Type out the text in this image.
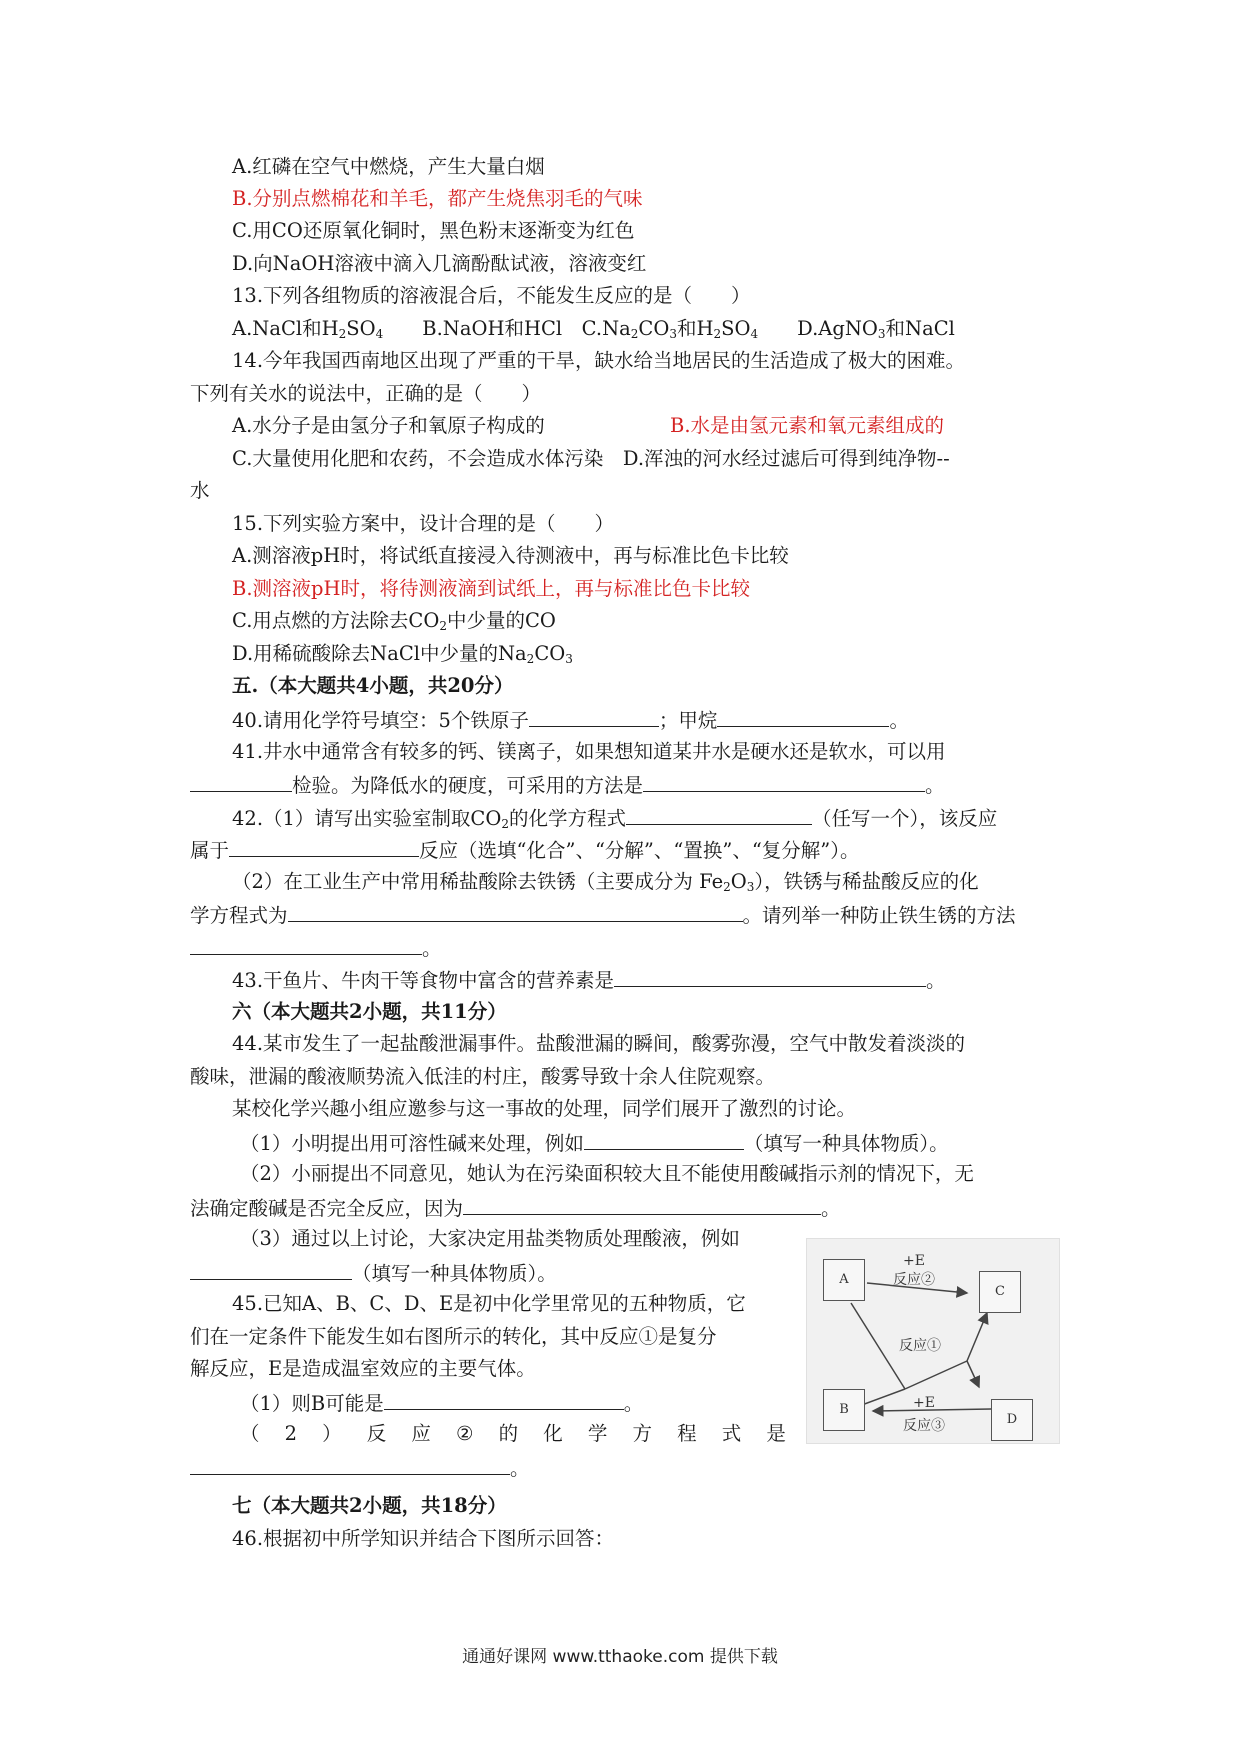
A.红磷在空气中燃烧，产生大量白烟
B.分别点燃棉花和羊毛，都产生烧焦羽毛的气味
C.用CO还原氧化铜时，黑色粉末逐渐变为红色
D.向NaOH溶液中滴入几滴酚酞试液，溶液变红
13.下列各组物质的溶液混合后，不能发生反应的是（　　）
A.NaCl和$H_2SO_4$　　B.NaOH和HCl　$C.Na_2CO_3$和$H_2SO_4$　　D.AgNO$_3$和NaCl
14.今年我国西南地区出现了严重的干旱，缺水给当地居民的生活造成了极大的困难。
下列有关水的说法中，正确的是（　　）
A.水分子是由氢分子和氧原子构成的	B.水是由氢元素和氧元素组成的
C.大量使用化肥和农药，不会造成水体污染　D.浑浊的河水经过滤后可得到纯净物--
水
15.下列实验方案中，设计合理的是（　　）
A.测溶液pH时，将试纸直接浸入待测液中，再与标准比色卡比较
B.测溶液pH时，将待测液滴到试纸上，再与标准比色卡比较
C.用点燃的方法除去$CO_2$中少量的CO
D.用稀硫酸除去NaCl中少量的$Na_2CO_3$
五.（本大题共4小题，共20分）
40.请用化学符号填空：5个铁原子	；甲烷	。
41.井水中通常含有较多的钙、镁离子，如果想知道某井水是硬水还是软水，可以用
检验。为降低水的硬度，可采用的方法是	。
42.（1）请写出实验室制取$CO_2$的化学方程式	（任写一个），该反应
属于	反应（选填“化合”、“分解”、“置换”、“复分解”）。
（2）在工业生产中常用稀盐酸除去铁锈（主要成分为 $Fe_2O_3$），铁锈与稀盐酸反应的化
学方程式为	。请列举一种防止铁生锈的方法
。
43.干鱼片、牛肉干等食物中富含的营养素是	。
六（本大题共2小题，共11分）
44.某市发生了一起盐酸泄漏事件。盐酸泄漏的瞬间，酸雾弥漫，空气中散发着淡淡的
酸味，泄漏的酸液顺势流入低洼的村庄，酸雾导致十余人住院观察。
某校化学兴趣小组应邀参与这一事故的处理，同学们展开了激烈的讨论。
（1）小明提出用可溶性碱来处理，例如	（填写一种具体物质）。
（2）小丽提出不同意见，她认为在污染面积较大且不能使用酸碱指示剂的情况下，无
法确定酸碱是否完全反应，因为	。
（3）通过以上讨论，大家决定用盐类物质处理酸液，例如
（填写一种具体物质）。
45.已知A、B、C、D、E是初中化学里常见的五种物质，它
们在一定条件下能发生如右图所示的转化，其中反应①是复分
解反应，E是造成温室效应的主要气体。
（1）则B可能是	。
（ 2 ） 反 应 ② 的 化 学 方 程 式 是
。
七（本大题共2小题，共18分）
46.根据初中所学知识并结合下图所示回答：
A
C
B
D
+E
反应②
反应①
+E
反应③
通通好课网 www.tthaoke.com 提供下载
